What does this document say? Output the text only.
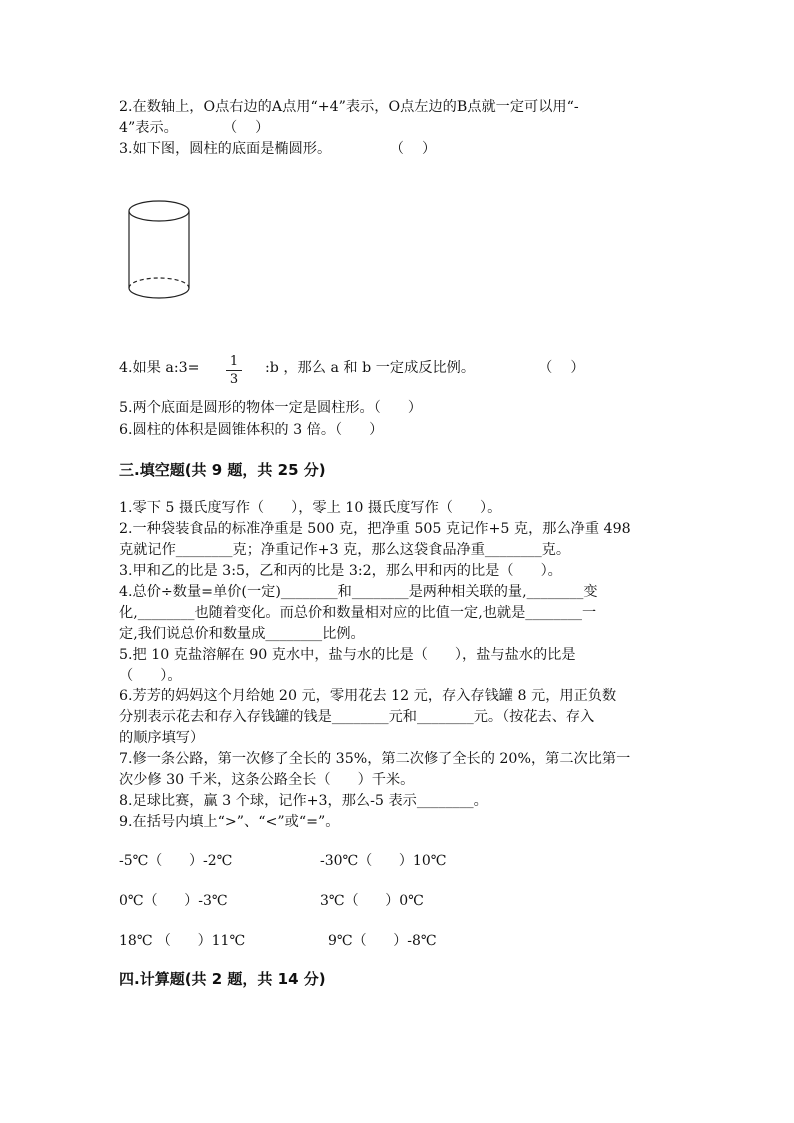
2.在数轴上，O点右边的A点用“+4”表示，O点左边的B点就一定可以用“-
4”表示。          （    ）
3.如下图，圆柱的底面是椭圆形。             （    ）
4.如果 a:3= 1
3
:b ，那么 a 和 b 一定成反比例。              （    ）
5.两个底面是圆形的物体一定是圆柱形。（      ）
6.圆柱的体积是圆锥体积的 3 倍。（      ）
三.填空题(共 9 题，共 25 分)
1.零下 5 摄氏度写作（      ），零上 10 摄氏度写作（      ）。
2.一种袋装食品的标准净重是 500 克，把净重 505 克记作+5 克，那么净重 498
克就记作________克；净重记作+3 克，那么这袋食品净重________克。
3.甲和乙的比是 3:5，乙和丙的比是 3:2，那么甲和丙的比是（      ）。
4.总价÷数量=单价(一定)________和________是两种相关联的量,________变
化,________也随着变化。而总价和数量相对应的比值一定,也就是________一
定,我们说总价和数量成________比例。
5.把 10 克盐溶解在 90 克水中，盐与水的比是（      ），盐与盐水的比是
（      ）。
6.芳芳的妈妈这个月给她 20 元，零用花去 12 元，存入存钱罐 8 元，用正负数
分别表示花去和存入存钱罐的钱是________元和________元。（按花去、存入
的顺序填写）
7.修一条公路，第一次修了全长的 35%，第二次修了全长的 20%，第二次比第一
次少修 30 千米，这条公路全长（      ）千米。
8.足球比赛，赢 3 个球，记作+3，那么-5 表示________。
9.在括号内填上“>”、“<”或“=”。
-5℃（      ）-2℃	-30℃（      ）10℃
0℃（      ）-3℃	3℃（      ）0℃
18℃ （      ）11℃	9℃（      ）-8℃
四.计算题(共 2 题，共 14 分)
